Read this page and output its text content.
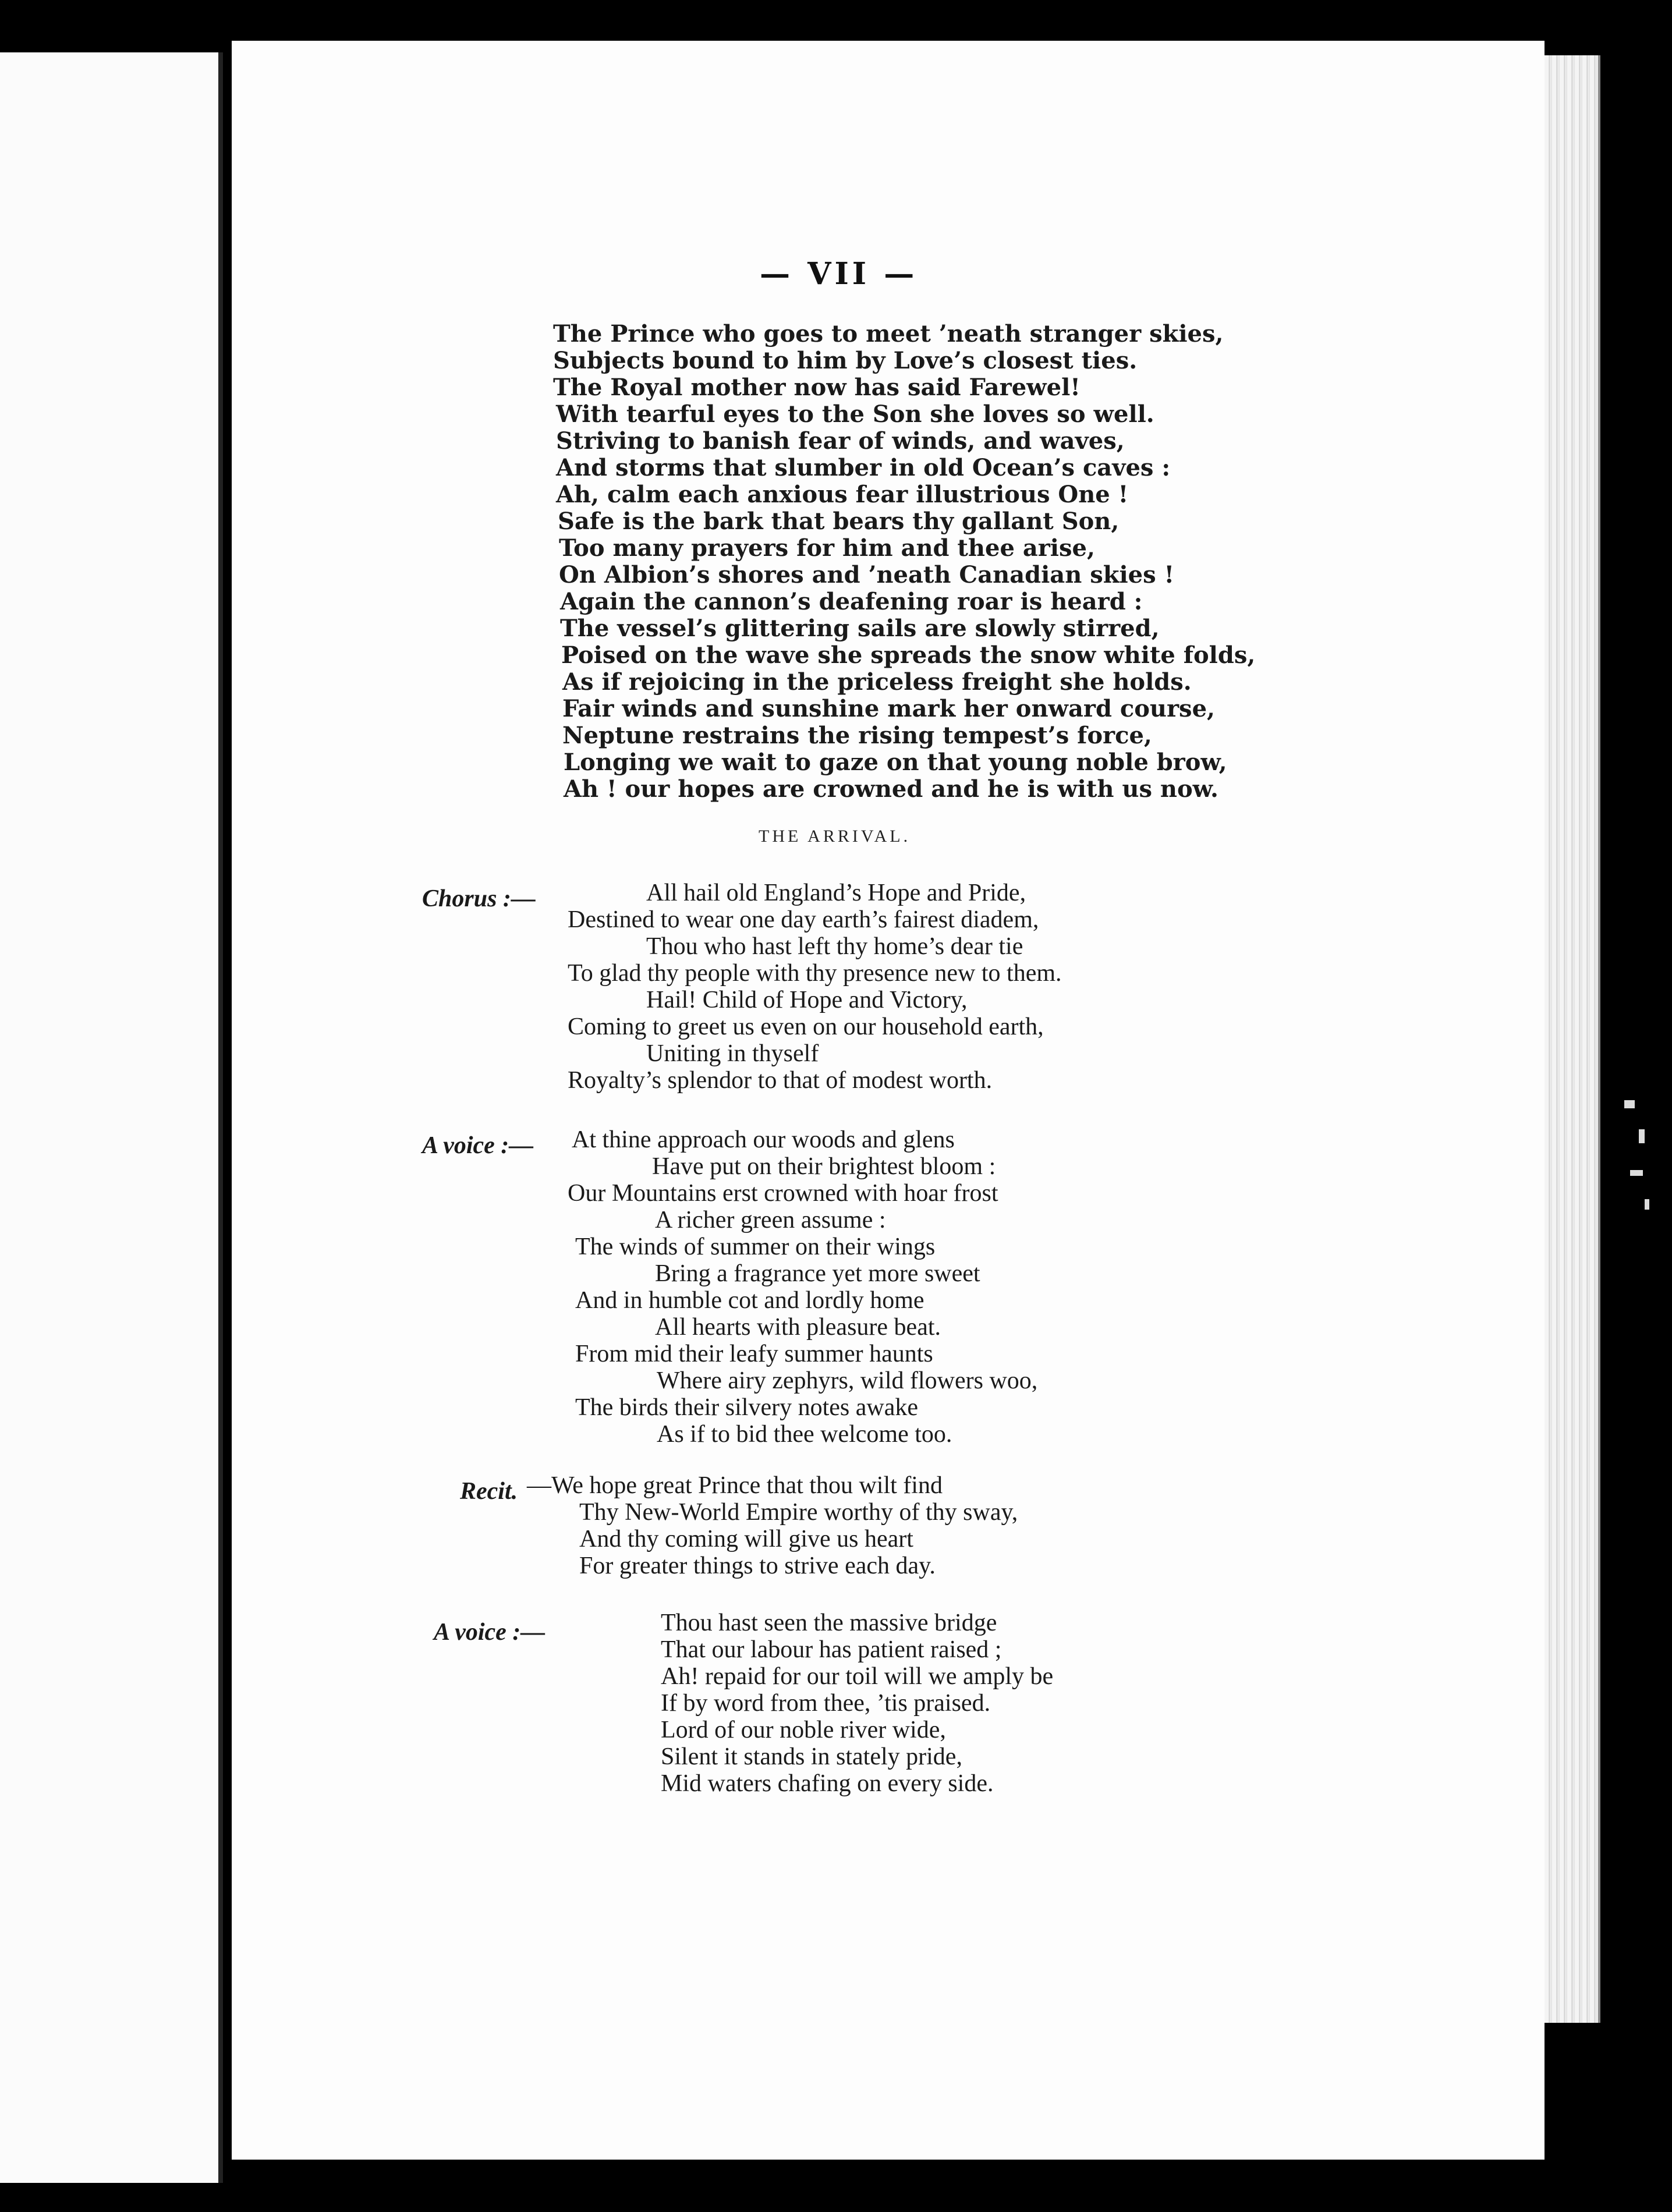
— VII —
The Prince who goes to meet ’neath stranger skies,
Subjects bound to him by Love’s closest ties.
The Royal mother now has said Farewel!
With tearful eyes to the Son she loves so well.
Striving to banish fear of winds, and waves,
And storms that slumber in old Ocean’s caves :
Ah, calm each anxious fear illustrious One !
Safe is the bark that bears thy gallant Son,
Too many prayers for him and thee arise,
On Albion’s shores and ’neath Canadian skies !
Again the cannon’s deafening roar is heard :
The vessel’s glittering sails are slowly stirred,
Poised on the wave she spreads the snow white folds,
As if rejoicing in the priceless freight she holds.
Fair winds and sunshine mark her onward course,
Neptune restrains the rising tempest’s force,
Longing we wait to gaze on that young noble brow,
Ah ! our hopes are crowned and he is with us now.
THE ARRIVAL.
Chorus :—	All hail old England’s Hope and Pride,
Destined to wear one day earth’s fairest diadem,
Thou who hast left thy home’s dear tie
To glad thy people with thy presence new to them.
Hail! Child of Hope and Victory,
Coming to greet us even on our household earth,
Uniting in thyself
Royalty’s splendor to that of modest worth.
A voice :— At thine approach our woods and glens
Have put on their brightest bloom :
Our Mountains erst crowned with hoar frost
A richer green assume :
The winds of summer on their wings
Bring a fragrance yet more sweet
And in humble cot and lordly home
All hearts with pleasure beat.
From mid their leafy summer haunts
Where airy zephyrs, wild flowers woo,
The birds their silvery notes awake
As if to bid thee welcome too.
Recit. —We hope great Prince that thou wilt find
Thy New-World Empire worthy of thy sway,
And thy coming will give us heart
For greater things to strive each day.
A voice :—	Thou hast seen the massive bridge
That our labour has patient raised ;
Ah! repaid for our toil will we amply be
If by word from thee, ’tis praised.
Lord of our noble river wide,
Silent it stands in stately pride,
Mid waters chafing on every side.
